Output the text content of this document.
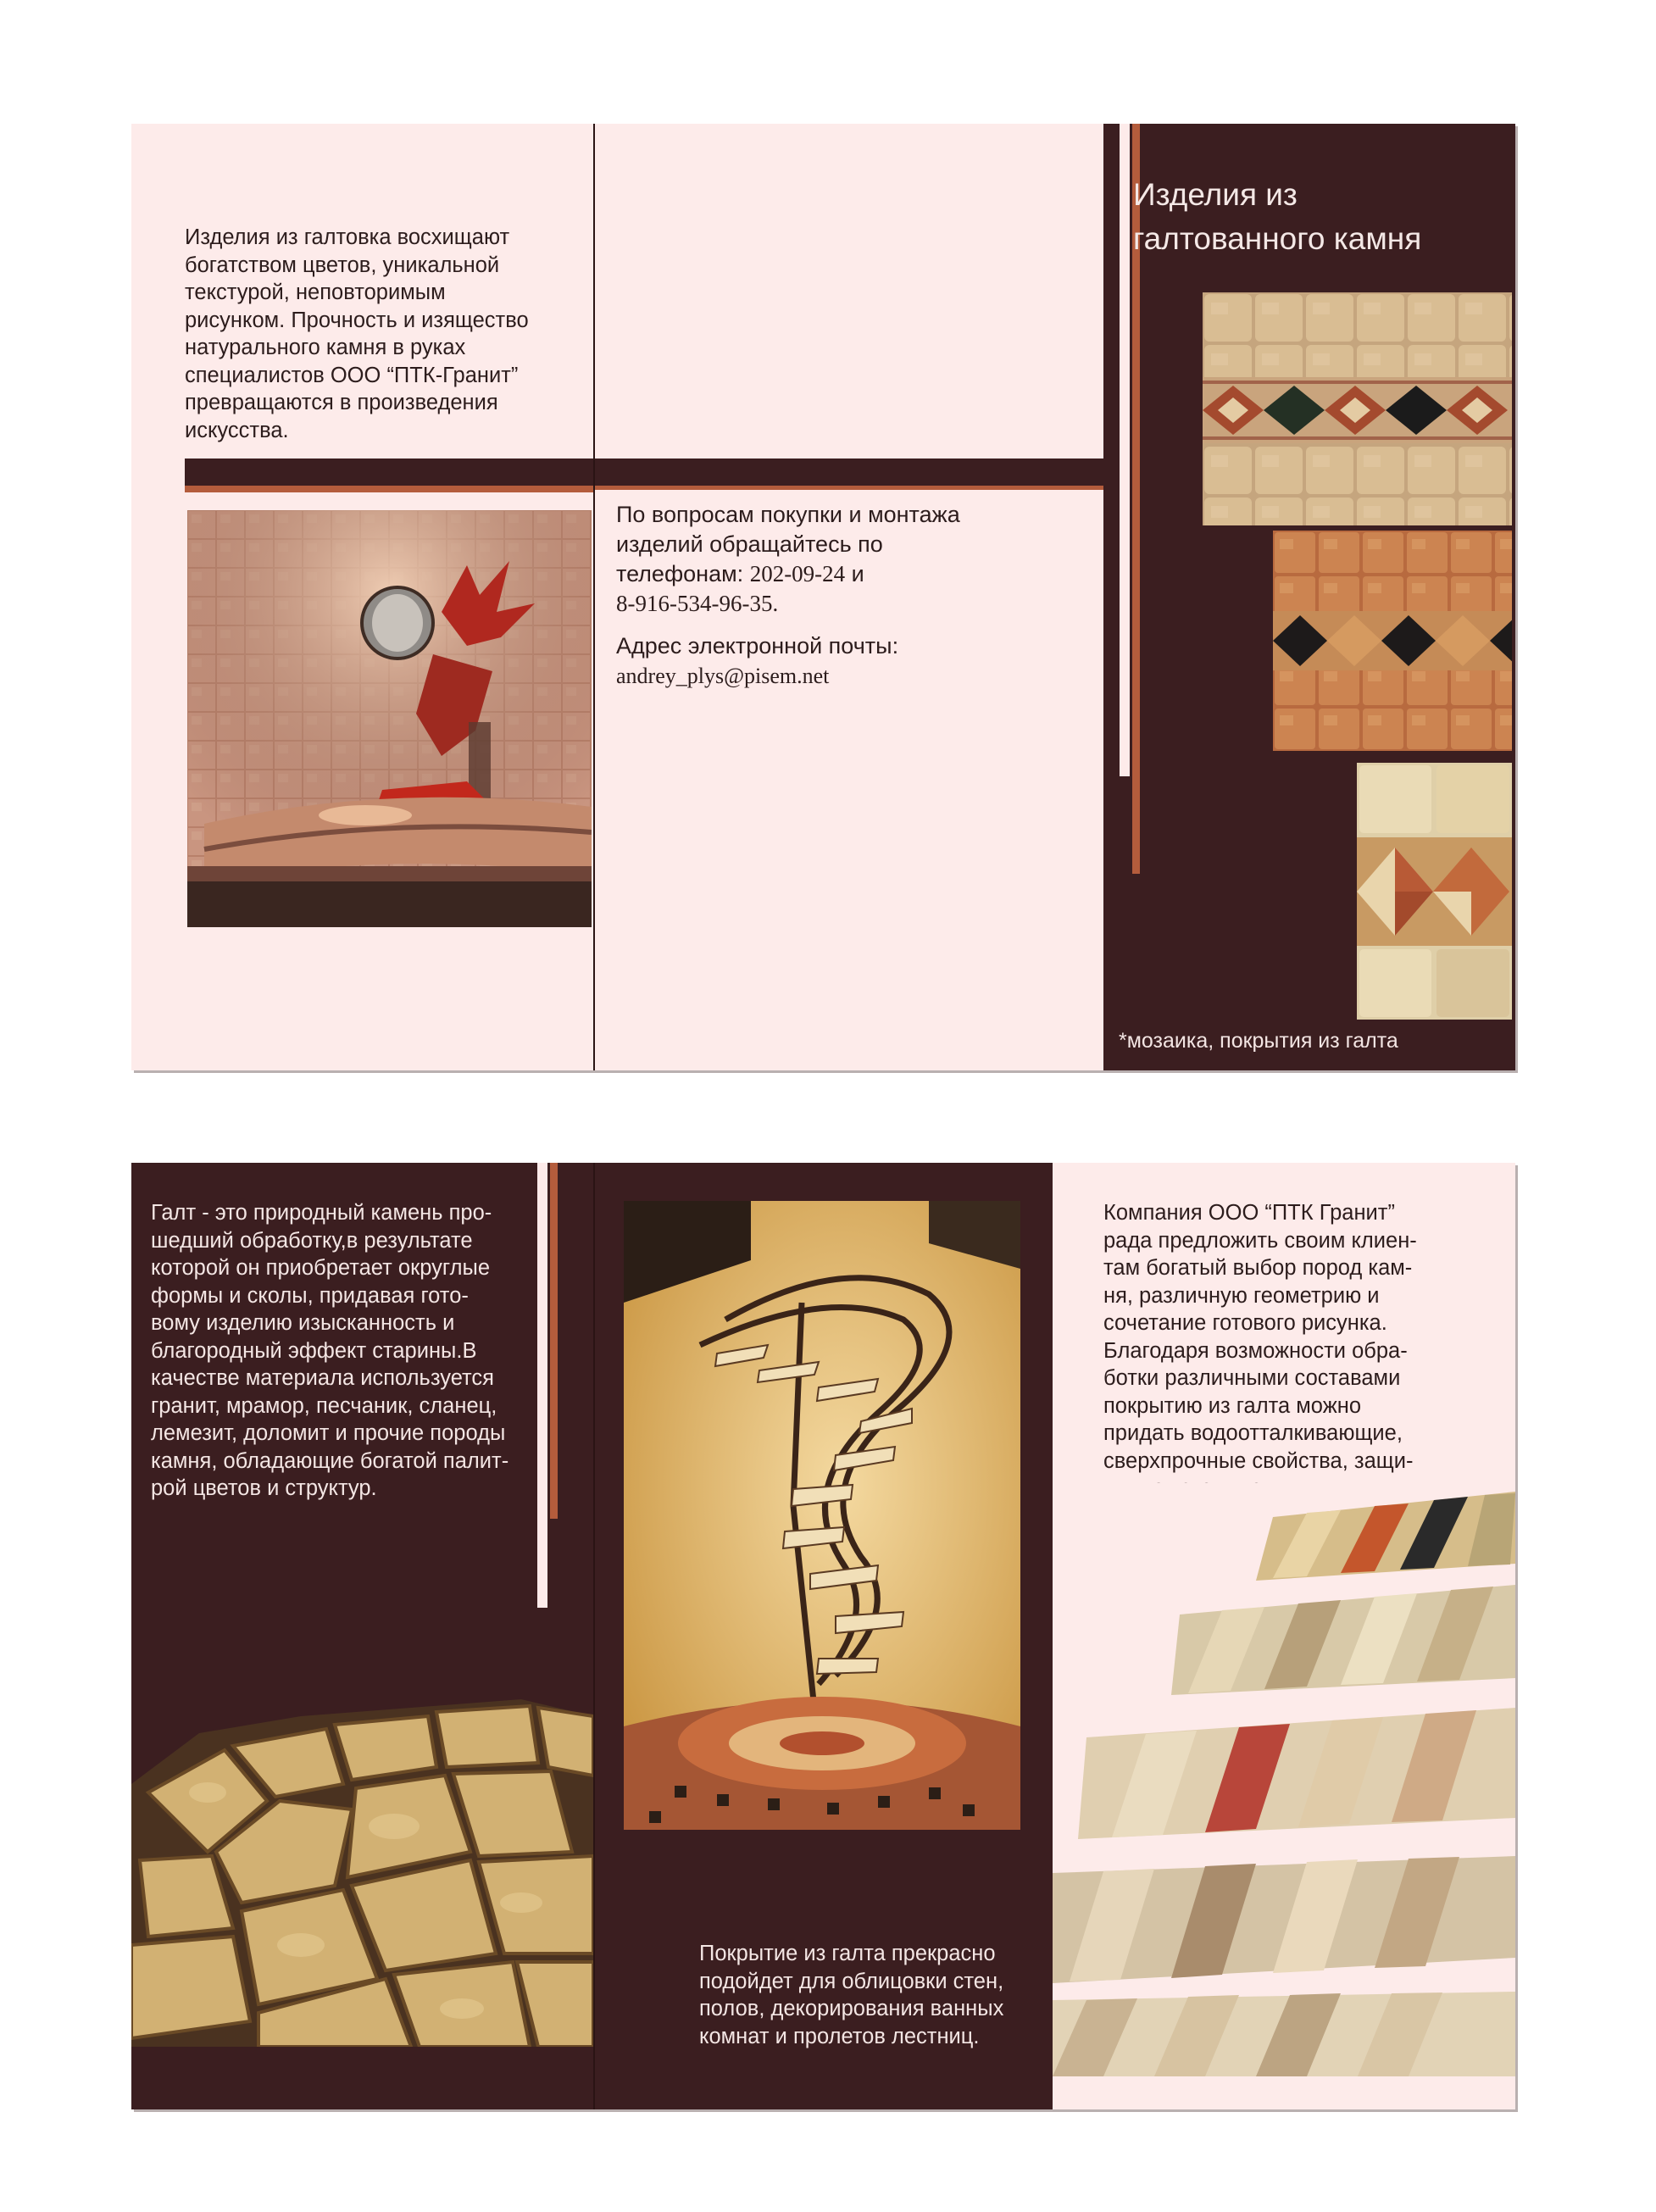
Изделия из галтовка восхищают
богатством цветов, уникальной
текстурой, неповторимым
рисунком. Прочность и изящество
натурального камня в руках
специалистов ООО “ПТК-Гранит”
превращаются в произведения
искусства.
По вопросам покупки и монтажа
изделий обращайтесь по
телефонам: 202-09-24 и
8-916-534-96-35.
Адрес электронной почты:
andrey_plys@pisem.net
Изделия из
галтованного камня
*мозаика, покрытия из галта
Галт - это природный камень про-
шедший обработку,в результате
которой он приобретает округлые
формы и сколы, придавая гото-
вому изделию изысканность и
благородный эффект старины.В
качестве материала используется
гранит, мрамор, песчаник, сланец,
лемезит, доломит и прочие породы
камня, обладающие богатой палит-
рой цветов и структур.
Покрытие из галта прекрасно
подойдет для облицовки стен,
полов, декорирования ванных
комнат и пролетов лестниц.
Компания ООО “ПТК Гранит”
рада предложить своим клиен-
там богатый выбор пород кам-
ня, различную геометрию и
сочетание готового рисунка.
Благодаря возможности обра-
ботки различными составами
покрытию из галта можно
придать водоотталкивающие,
сверхпрочные свойства, защи-
